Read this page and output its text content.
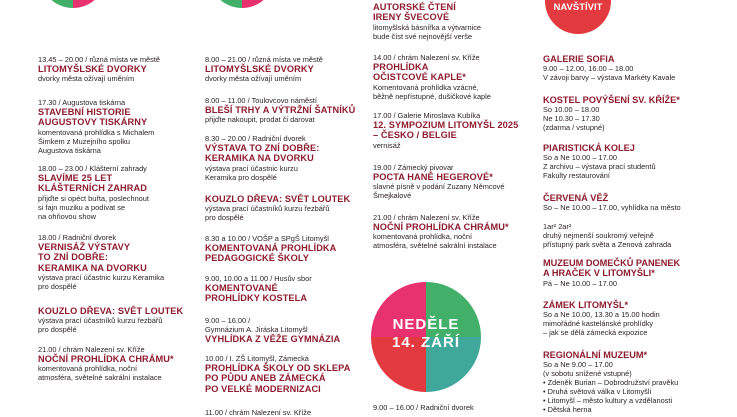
NAVŠTÍVIT
NEDĚLE
14. ZÁŘÍ
13.45 – 20.00 / různá místa ve městě
LITOMYŠLSKÉ DVORKY
dvorky města ožívají uměním
17.30 / Augustova tiskárna
STAVEBNÍ HISTORIE
AUGUSTOVY TISKÁRNY
komentovaná prohlídka s Michalem
Šimkem z Muzejního spolku
Augustova tiskárna
18.00 – 23.00 / Klášterní zahrady
SLAVÍME 25 LET
KLÁŠTERNÍCH ZAHRAD
přijďte si opéct buřta, poslechnout
si fajn muziku a podívat se
na ohňovou show
18.00 / Radniční dvorek
VERNISÁŽ VÝSTAVY
TO ZNÍ DOBŘE:
KERAMIKA NA DVORKU
výstava prací účastnic kurzu Keramika
pro dospělé
KOUZLO DŘEVA: SVĚT LOUTEK
výstava prací účastníků kurzu řezbářů
pro dospělé
21.00 / chrám Nalezení sv. Kříže
NOČNÍ PROHLÍDKA CHRÁMU*
komentovaná prohlídka, noční
atmosféra, světelné sakrální instalace
8.00 – 21.00 / různá místa ve městě
LITOMYŠLSKÉ DVORKY
dvorky města ožívají uměním
8.00 – 11.00 / Toulovcovo náměstí
BLEŠÍ TRHY A VÝTRŽNÍ ŠATNÍKŮ
přijďte nakoupit, prodat či darovat
8.30 – 20.00 / Radniční dvorek
VÝSTAVA TO ZNÍ DOBŘE:
KERAMIKA NA DVORKU
výstava prací účastnic kurzu
Keramika pro dospělé
KOUZLO DŘEVA: SVĚT LOUTEK
výstava prací účastníků kurzu řezbářů
pro dospělé
8.30 a 10.00 / VOŠP a SPgŠ Litomyšl
KOMENTOVANÁ PROHLÍDKA
PEDAGOGICKÉ ŠKOLY
9.00, 10.00 a 11.00 / Husův sbor
KOMENTOVANÉ
PROHLÍDKY KOSTELA
9.00 – 16.00 /
Gymnázium A. Jiráska Litomyšl
VYHLÍDKA Z VĚŽE GYMNÁZIA
10.00 / I. ZŠ Litomyšl, Zámecká
PROHLÍDKA ŠKOLY OD SKLEPA
PO PŮDU ANEB ZÁMECKÁ
PO VELKÉ MODERNIZACI
11.00 / chrám Nalezení sv. Kříže
AUTORSKÉ ČTENÍ
IRENY ŠVECOVÉ
litomyšlská básnířka a výtvarnice
bude číst své nejnovější verše
14.00 / chrám Nalezení sv. Kříže
PROHLÍDKA
OČISTCOVÉ KAPLE*
Komentovaná prohlídka vzácné,
běžně nepřístupné, dušičkové kaple
17.00 / Galerie Miroslava Kubíka
12. SYMPOZIUM LITOMYŠL 2025
– ČESKO / BELGIE
vernisáž
19.00 / Zámecký pivovar
POCTA HANĚ HEGEROVÉ*
slavné písně v podání Zuzany Němcové
Šmejkalové
21.00 / chrám Nalezení sv. Kříže
NOČNÍ PROHLÍDKA CHRÁMU*
komentovaná prohlídka, noční
atmosféra, světelné sakrální instalace
9.00 – 16.00 / Radniční dvorek
GALERIE SOFIA
9.00 – 12.00, 16.00 – 18.00
V závoji barvy – výstava Markéty Kavale
KOSTEL POVÝŠENÍ SV. KŘÍŽE*
So 10.00 – 18.00
Ne 10.30 – 17.30
(zdarma / vstupné)
PIARISTICKÁ KOLEJ
So a Ne 10.00 – 17.00
Z archivu – výstava prací studentů
Fakulty restaurování
ČERVENÁ VĚŽ
So – Ne 10.00 – 17.00, vyhlídka na město
1ar² 2ar²
druhý nejmenší soukromý veřejně
přístupný park světa a Zenová zahrada
MUZEUM DOMEČKŮ PANENEK
A HRAČEK V LITOMYŠLI*
Pá – Ne 10.00 – 17.00
ZÁMEK LITOMYŠL*
So a Ne 10.00, 13.30 a 15.00 hodin
mimořádné kastelánské prohlídky
– jak se dělá zámecká expozice
REGIONÁLNÍ MUZEUM*
So a Ne 9.00 – 17.00
(v sobotu snížené vstupné)
• Zdeněk Burian – Dobrodružství pravěku
• Druhá světová válka v Litomyšli
• Litomyšl – město kultury a vzdělanosti
• Dětská herna
